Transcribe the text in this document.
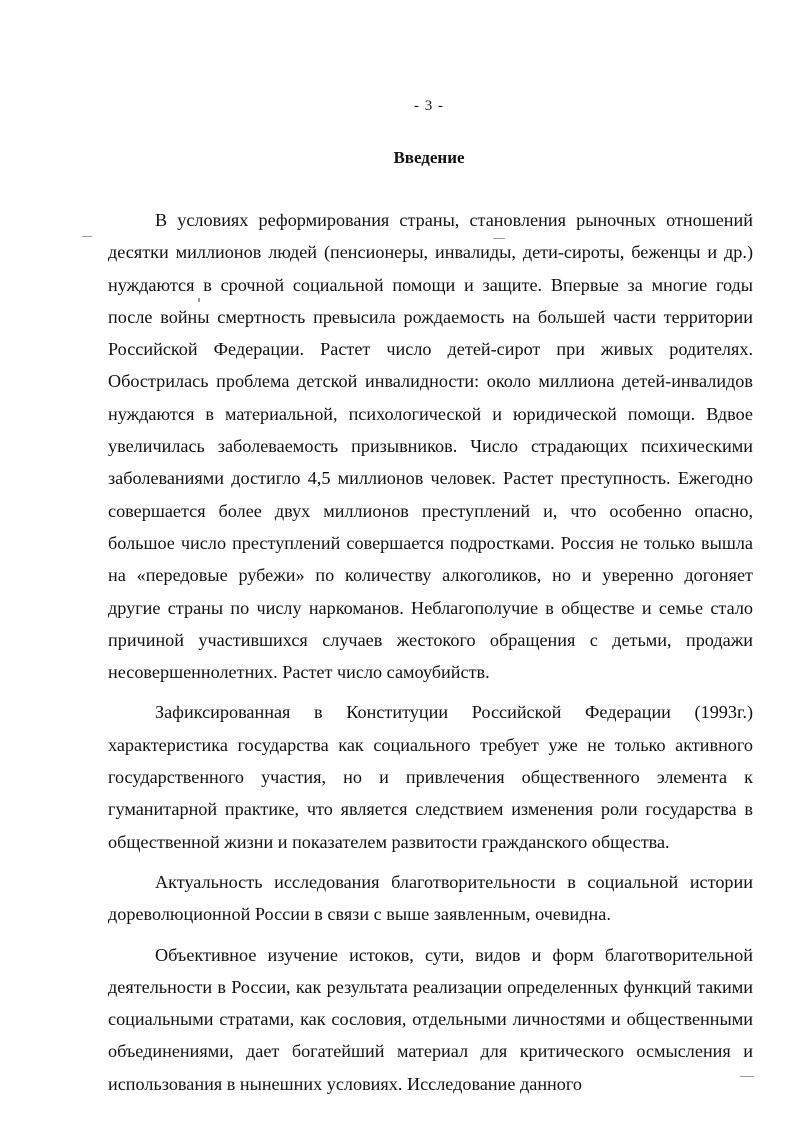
- 3 -
Введение

В условиях реформирования страны, становления рыночных отношений десятки миллионов людей (пенсионеры, инвалиды, дети-сироты, беженцы и др.) нуждаются в срочной социальной помощи и защите. Впервые за многие годы после войны смертность превысила рождаемость на большей части территории Российской Федерации. Растет число детей-сирот при живых родителях. Обострилась проблема детской инвалидности: около миллиона детей-инвалидов нуждаются в материальной, психологической и юридической помощи. Вдвое увеличилась заболеваемость призывников. Число страдающих психическими заболеваниями достигло 4,5 миллионов человек. Растет преступность. Ежегодно совершается более двух миллионов преступлений и, что особенно опасно, большое число преступлений совершается подростками. Россия не только вышла на «передовые рубежи» по количеству алкоголиков, но и уверенно догоняет другие страны по числу наркоманов. Неблагополучие в обществе и семье стало причиной участившихся случаев жестокого обращения с детьми, продажи несовершеннолетних. Растет число самоубийств.

Зафиксированная в Конституции Российской Федерации (1993г.) характеристика государства как социального требует уже не только активного государственного участия, но и привлечения общественного элемента к гуманитарной практике, что является следствием изменения роли государства в общественной жизни и показателем развитости гражданского общества.

Актуальность исследования благотворительности в социальной истории дореволюционной России в связи с выше заявленным, очевидна.

Объективное изучение истоков, сути, видов и форм благотворительной деятельности в России, как результата реализации определенных функций такими социальными стратами, как сословия, отдельными личностями и общественными объединениями, дает богатейший материал для критического осмысления и использования в нынешних условиях. Исследование данного
